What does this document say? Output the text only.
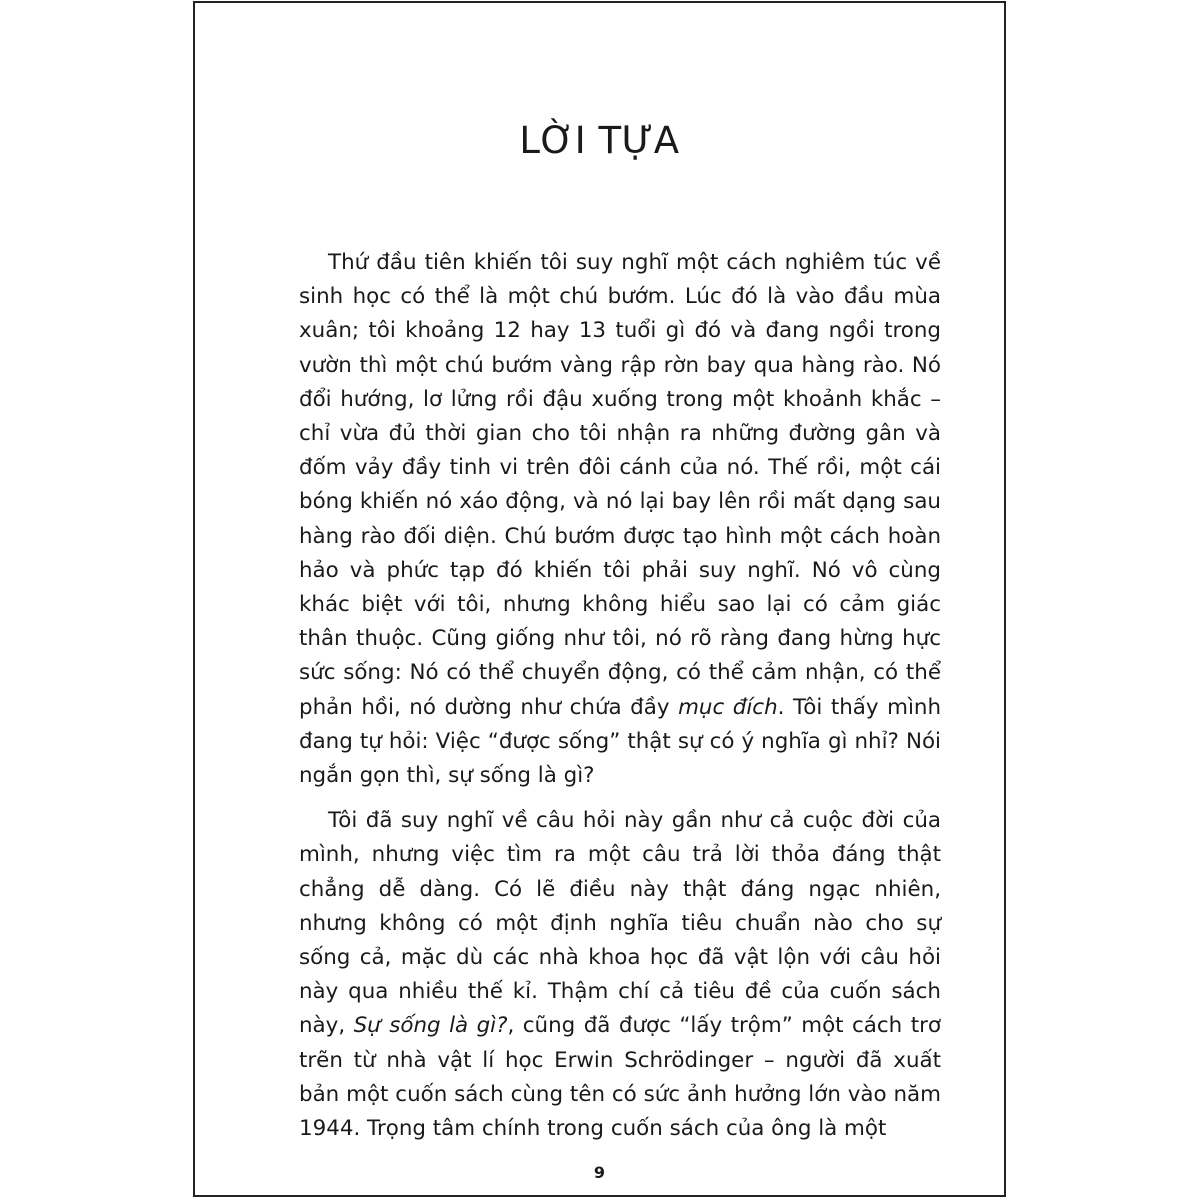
LỜI TỰA

Thứ đầu tiên khiến tôi suy nghĩ một cách nghiêm túc về sinh học có thể là một chú bướm. Lúc đó là vào đầu mùa xuân; tôi khoảng 12 hay 13 tuổi gì đó và đang ngồi trong vườn thì một chú bướm vàng rập rờn bay qua hàng rào. Nó đổi hướng, lơ lửng rồi đậu xuống trong một khoảnh khắc – chỉ vừa đủ thời gian cho tôi nhận ra những đường gân và đốm vảy đầy tinh vi trên đôi cánh của nó. Thế rồi, một cái bóng khiến nó xáo động, và nó lại bay lên rồi mất dạng sau hàng rào đối diện. Chú bướm được tạo hình một cách hoàn hảo và phức tạp đó khiến tôi phải suy nghĩ. Nó vô cùng khác biệt với tôi, nhưng không hiểu sao lại có cảm giác thân thuộc. Cũng giống như tôi, nó rõ ràng đang hừng hực sức sống: Nó có thể chuyển động, có thể cảm nhận, có thể phản hồi, nó dường như chứa đầy mục đích. Tôi thấy mình đang tự hỏi: Việc “được sống” thật sự có ý nghĩa gì nhỉ? Nói ngắn gọn thì, sự sống là gì?

Tôi đã suy nghĩ về câu hỏi này gần như cả cuộc đời của mình, nhưng việc tìm ra một câu trả lời thỏa đáng thật chẳng dễ dàng. Có lẽ điều này thật đáng ngạc nhiên, nhưng không có một định nghĩa tiêu chuẩn nào cho sự sống cả, mặc dù các nhà khoa học đã vật lộn với câu hỏi này qua nhiều thế kỉ. Thậm chí cả tiêu đề của cuốn sách này, Sự sống là gì?, cũng đã được “lấy trộm” một cách trơ trẽn từ nhà vật lí học Erwin Schrödinger – người đã xuất bản một cuốn sách cùng tên có sức ảnh hưởng lớn vào năm 1944. Trọng tâm chính trong cuốn sách của ông là một

9
